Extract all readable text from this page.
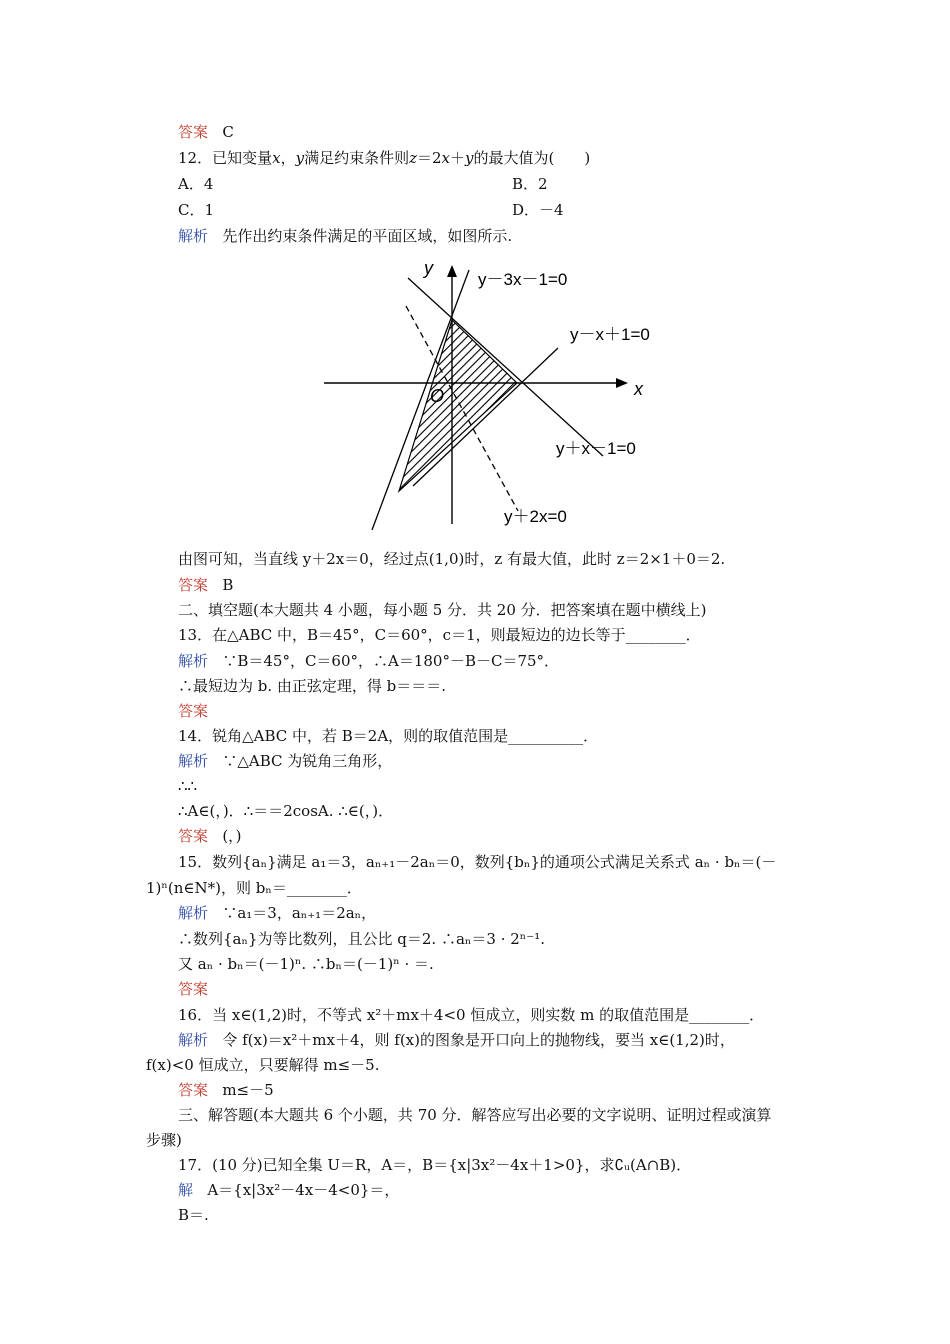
答案 C
12．已知变量x，y满足约束条件则z＝2x＋y的最大值为(　　)
A．4	B．2
C．1	D．－4
解析 先作出约束条件满足的平面区域，如图所示.
y
x
O
y－3x－1=0
y－x＋1=0
y＋x－1=0
y＋2x=0
由图可知，当直线 y＋2x＝0，经过点(1,0)时，z 有最大值，此时 z＝2×1＋0＝2.
答案 B
二、填空题(本大题共 4 小题，每小题 5 分．共 20 分．把答案填在题中横线上)
13．在△ABC 中，B＝45°，C＝60°，c＝1，则最短边的边长等于________．
解析 ∵B＝45°，C＝60°，∴A＝180°－B－C＝75°．
∴最短边为 b. 由正弦定理，得 b＝＝＝.
答案
14．锐角△ABC 中，若 B＝2A，则的取值范围是__________．
解析 ∵△ABC 为锐角三角形，
∴∴
∴A∈(，)．∴＝＝2cosA. ∴∈(，)．
答案 (，)
15．数列{aₙ}满足 a₁＝3，aₙ₊₁－2aₙ＝0，数列{bₙ}的通项公式满足关系式 aₙ · bₙ＝(－
1)ⁿ(n∈N*)，则 bₙ＝________．
解析 ∵a₁＝3，aₙ₊₁＝2aₙ，
∴数列{aₙ}为等比数列，且公比 q＝2. ∴aₙ＝3 · 2ⁿ⁻¹.
又 aₙ · bₙ＝(－1)ⁿ. ∴bₙ＝(－1)ⁿ · ＝.
答案
16．当 x∈(1,2)时，不等式 x²＋mx＋4<0 恒成立，则实数 m 的取值范围是________．
解析 令 f(x)＝x²＋mx＋4，则 f(x)的图象是开口向上的抛物线，要当 x∈(1,2)时，
f(x)<0 恒成立，只要解得 m≤－5.
答案 m≤－5
三、解答题(本大题共 6 个小题，共 70 分．解答应写出必要的文字说明、证明过程或演算
步骤)
17．(10 分)已知全集 U＝R，A＝，B＝{x|3x²－4x＋1>0}，求∁ᵤ(A∩B)．
解 A＝{x|3x²－4x－4<0}＝，
B＝.
